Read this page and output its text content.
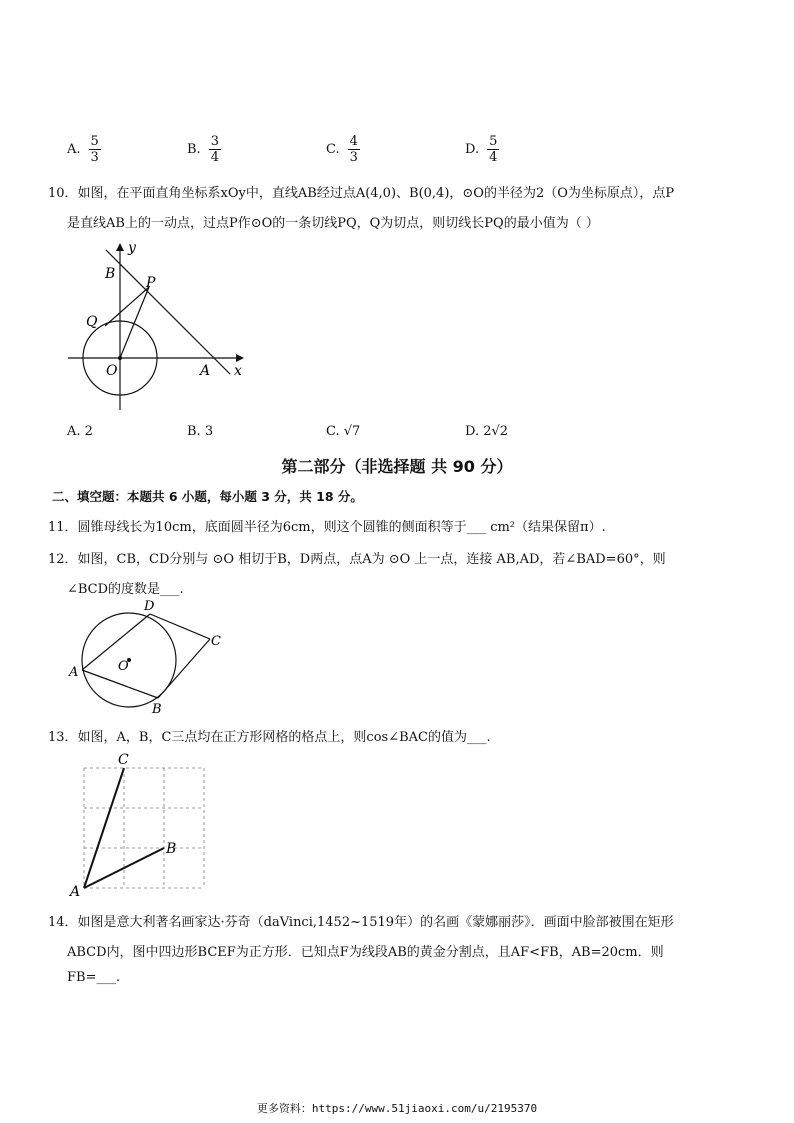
A. $\frac{5}{3}$	B. $\frac{3}{4}$	C. $\frac{4}{3}$	D. $\frac{5}{4}$
10．如图，在平面直角坐标系xOy中，直线AB经过点A(4,0)、B(0,4)，⊙O的半径为2（O为坐标原点），点P
是直线AB上的一动点，过点P作⊙O的一条切线PQ，Q为切点，则切线长PQ的最小值为（ ）
y
x
B
P
Q
O	A
A.
2	B.
3	C.
√7	D.
2√2
第二部分（非选择题 共 90 分）
二、填空题：本题共 6 小题，每小题 3 分，共 18 分。
11．圆锥母线长为10cm，底面圆半径为6cm，则这个圆锥的侧面积等于___ cm²（结果保留π）.
12．如图，CB，CD分别与 ⊙O 相切于B，D两点，点A为 ⊙O 上一点，连接 AB,AD，若∠BAD=60°，则
∠BCD的度数是___.
D
C
A	O
B
13．如图，A，B，C三点均在正方形网格的格点上，则cos∠BAC的值为___.
C
B
A
14．如图是意大利著名画家达·芬奇（daVinci,1452~1519年）的名画《蒙娜丽莎》．画面中脸部被围在矩形
ABCD内，图中四边形BCEF为正方形．已知点F为线段AB的黄金分割点，且AF<FB，AB=20cm．则
FB=___.
更多资料：https://www.51jiaoxi.com/u/2195370
